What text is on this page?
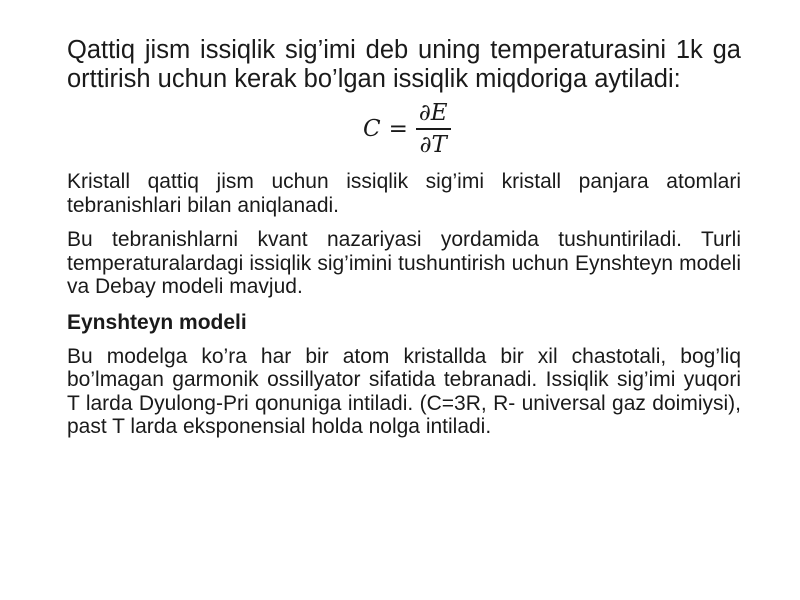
Qattiq jism issiqlik sig’imi deb uning temperaturasini 1k ga orttirish uchun kerak bo’lgan issiqlik miqdoriga aytiladi:

$C = \frac{\partial E}{\partial T}$

Kristall qattiq jism uchun issiqlik sig’imi kristall panjara atomlari tebranishlari bilan aniqlanadi.

Bu tebranishlarni kvant nazariyasi yordamida tushuntiriladi. Turli temperaturalardagi issiqlik sig’imini tushuntirish uchun Eynshteyn modeli va Debay modeli mavjud.

Eynshteyn modeli

Bu modelga ko’ra har bir atom kristallda bir xil chastotali, bog’liq bo’lmagan garmonik ossillyator sifatida tebranadi. Issiqlik sig’imi yuqori T larda Dyulong-Pri qonuniga intiladi. (C=3R, R- universal gaz doimiysi), past T larda eksponensial holda nolga intiladi.
